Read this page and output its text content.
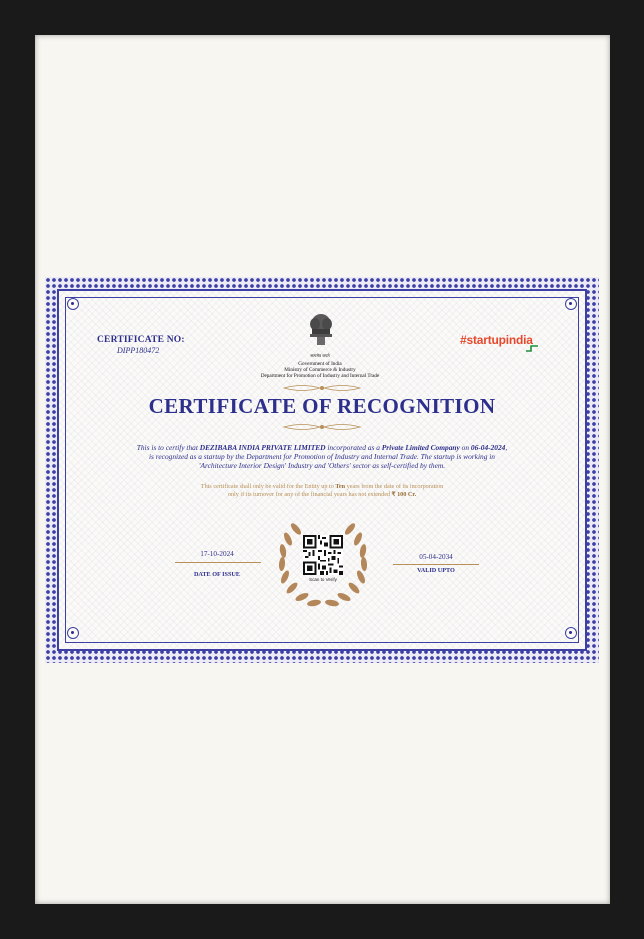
CERTIFICATE NO:
DIPP180472
सत्यमेव जयते
Government of India
Ministry of Commerce & Industry
Department for Promotion of Industry and Internal Trade
#startupindia
CERTIFICATE OF RECOGNITION
This is to certify that DEZIBABA INDIA PRIVATE LIMITED incorporated as a Private Limited Company on 06-04-2024,
is recognized as a startup by the Department for Promotion of Industry and Internal Trade. The startup is working in
'Architecture Interior Design' Industry and 'Others' sector as self-certified by them.
This certificate shall only be valid for the Entity up to Ten years from the date of its incorporation
only if its turnover for any of the financial years has not extended ₹ 100 Cr.
17-10-2024
DATE OF ISSUE
Scan to Verify
05-04-2034
VALID UPTO
